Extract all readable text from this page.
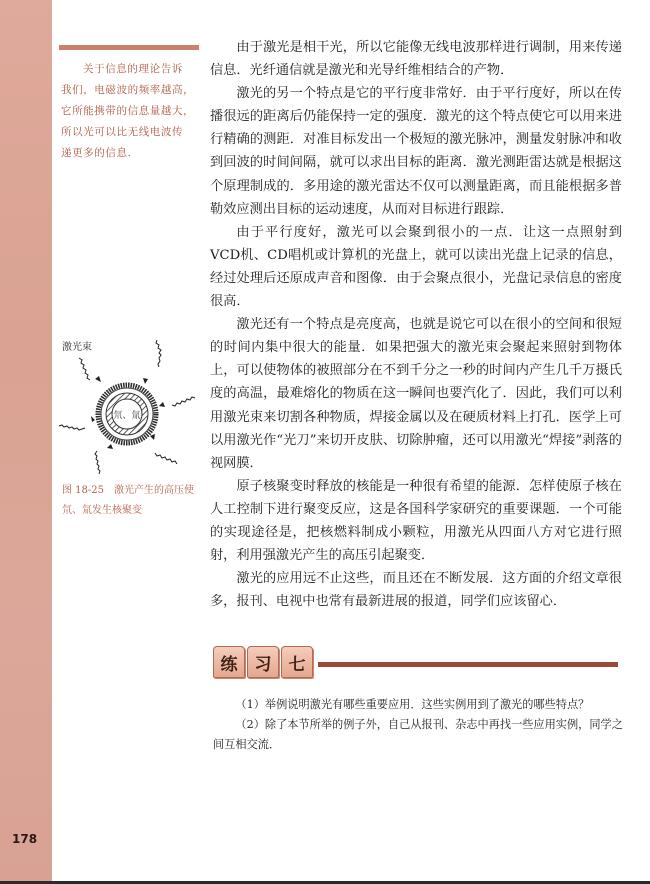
178
关于信息的理论告诉
我们，电磁波的频率越高，
它所能携带的信息量越大，
所以光可以比无线电波传
递更多的信息.
氘、氚
激光束
图 18-25　激光产生的高压使
氘、氚发生核聚变

由于激光是相干光，所以它能像无线电波那样进行调制，用来传递信息．光纤通信就是激光和光导纤维相结合的产物．

激光的另一个特点是它的平行度非常好．由于平行度好，所以在传播很远的距离后仍能保持一定的强度．激光的这个特点使它可以用来进行精确的测距．对准目标发出一个极短的激光脉冲，测量发射脉冲和收到回波的时间间隔，就可以求出目标的距离．激光测距雷达就是根据这个原理制成的．多用途的激光雷达不仅可以测量距离，而且能根据多普勒效应测出目标的运动速度，从而对目标进行跟踪．

由于平行度好，激光可以会聚到很小的一点．让这一点照射到VCD机、CD唱机或计算机的光盘上，就可以读出光盘上记录的信息，经过处理后还原成声音和图像．由于会聚点很小，光盘记录信息的密度很高．

激光还有一个特点是亮度高，也就是说它可以在很小的空间和很短的时间内集中很大的能量．如果把强大的激光束会聚起来照射到物体上，可以使物体的被照部分在不到千分之一秒的时间内产生几千万摄氏度的高温，最难熔化的物质在这一瞬间也要汽化了．因此，我们可以利用激光束来切割各种物质，焊接金属以及在硬质材料上打孔．医学上可以用激光作“光刀”来切开皮肤、切除肿瘤，还可以用激光“焊接”剥落的视网膜．

原子核聚变时释放的核能是一种很有希望的能源．怎样使原子核在人工控制下进行聚变反应，这是各国科学家研究的重要课题．一个可能的实现途径是，把核燃料制成小颗粒，用激光从四面八方对它进行照射，利用强激光产生的高压引起聚变．

激光的应用远不止这些，而且还在不断发展．这方面的介绍文章很多，报刊、电视中也常有最新进展的报道，同学们应该留心．

练	习	七

（1）举例说明激光有哪些重要应用．这些实例用到了激光的哪些特点？

（2）除了本节所举的例子外，自己从报刊、杂志中再找一些应用实例，同学之间互相交流．
